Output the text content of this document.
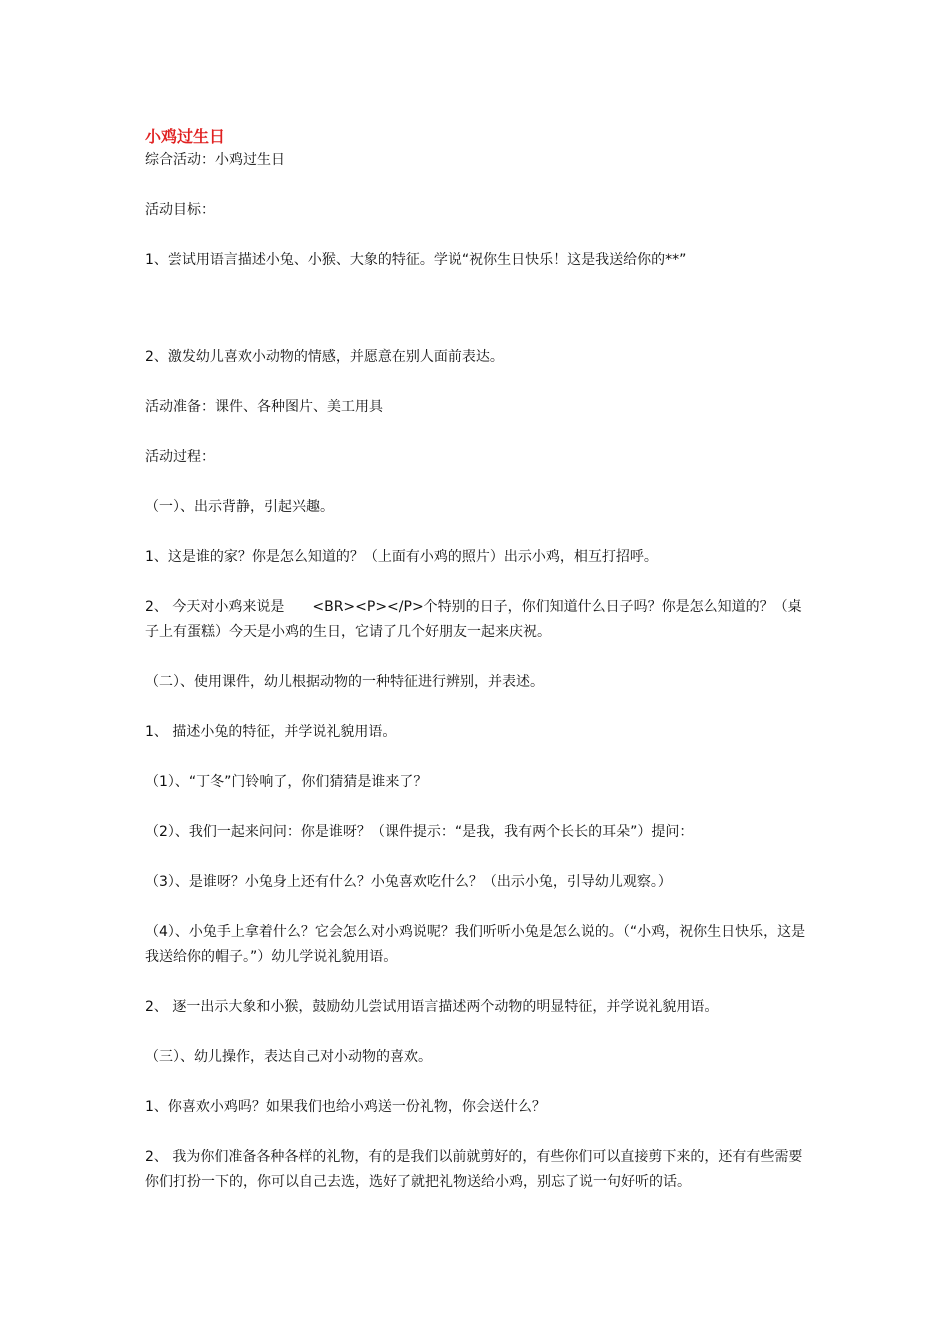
小鸡过生日

综合活动：小鸡过生日

活动目标：

1、尝试用语言描述小兔、小猴、大象的特征。学说“祝你生日快乐！这是我送给你的**”

2、激发幼儿喜欢小动物的情感，并愿意在别人面前表达。

活动准备：课件、各种图片、美工用具

活动过程：

（一）、出示背静，引起兴趣。

1、这是谁的家？你是怎么知道的？（上面有小鸡的照片）出示小鸡，相互打招呼。

2、 今天对小鸡来说是　　<BR><P></P>个特别的日子，你们知道什么日子吗？你是怎么知道的？（桌子上有蛋糕）今天是小鸡的生日，它请了几个好朋友一起来庆祝。

（二）、使用课件，幼儿根据动物的一种特征进行辨别，并表述。

1、 描述小兔的特征，并学说礼貌用语。

（1）、“丁冬”门铃响了，你们猜猜是谁来了？

（2）、我们一起来问问：你是谁呀？（课件提示：“是我，我有两个长长的耳朵”）提问：

（3）、是谁呀？小兔身上还有什么？小兔喜欢吃什么？（出示小兔，引导幼儿观察。）

（4）、小兔手上拿着什么？它会怎么对小鸡说呢？我们听听小兔是怎么说的。（“小鸡，祝你生日快乐，这是我送给你的帽子。”）幼儿学说礼貌用语。

2、 逐一出示大象和小猴，鼓励幼儿尝试用语言描述两个动物的明显特征，并学说礼貌用语。

（三）、幼儿操作，表达自己对小动物的喜欢。

1、你喜欢小鸡吗？如果我们也给小鸡送一份礼物，你会送什么？

2、 我为你们准备各种各样的礼物，有的是我们以前就剪好的，有些你们可以直接剪下来的，还有有些需要你们打扮一下的，你可以自己去选，选好了就把礼物送给小鸡，别忘了说一句好听的话。
